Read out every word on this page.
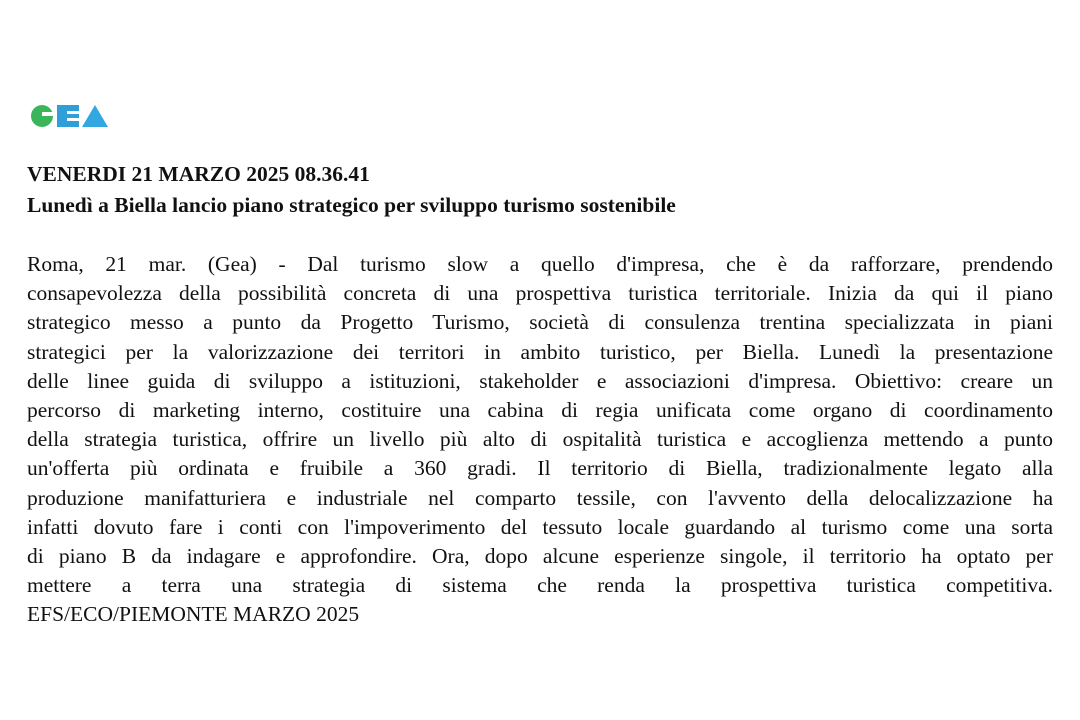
VENERDI 21 MARZO 2025 08.36.41
Lunedì a Biella lancio piano strategico per sviluppo turismo sostenibile
Roma, 21 mar. (Gea) - Dal turismo slow a quello d'impresa, che è da rafforzare, prendendo
consapevolezza della possibilità concreta di una prospettiva turistica territoriale. Inizia da qui il piano
strategico messo a punto da Progetto Turismo, società di consulenza trentina specializzata in piani
strategici per la valorizzazione dei territori in ambito turistico, per Biella. Lunedì la presentazione
delle linee guida di sviluppo a istituzioni, stakeholder e associazioni d'impresa. Obiettivo: creare un
percorso di marketing interno, costituire una cabina di regia unificata come organo di coordinamento
della strategia turistica, offrire un livello più alto di ospitalità turistica e accoglienza mettendo a punto
un'offerta più ordinata e fruibile a 360 gradi. Il territorio di Biella, tradizionalmente legato alla
produzione manifatturiera e industriale nel comparto tessile, con l'avvento della delocalizzazione ha
infatti dovuto fare i conti con l'impoverimento del tessuto locale guardando al turismo come una sorta
di piano B da indagare e approfondire. Ora, dopo alcune esperienze singole, il territorio ha optato per
mettere a terra una strategia di sistema che renda la prospettiva turistica competitiva.
EFS/ECO/PIEMONTE MARZO 2025
